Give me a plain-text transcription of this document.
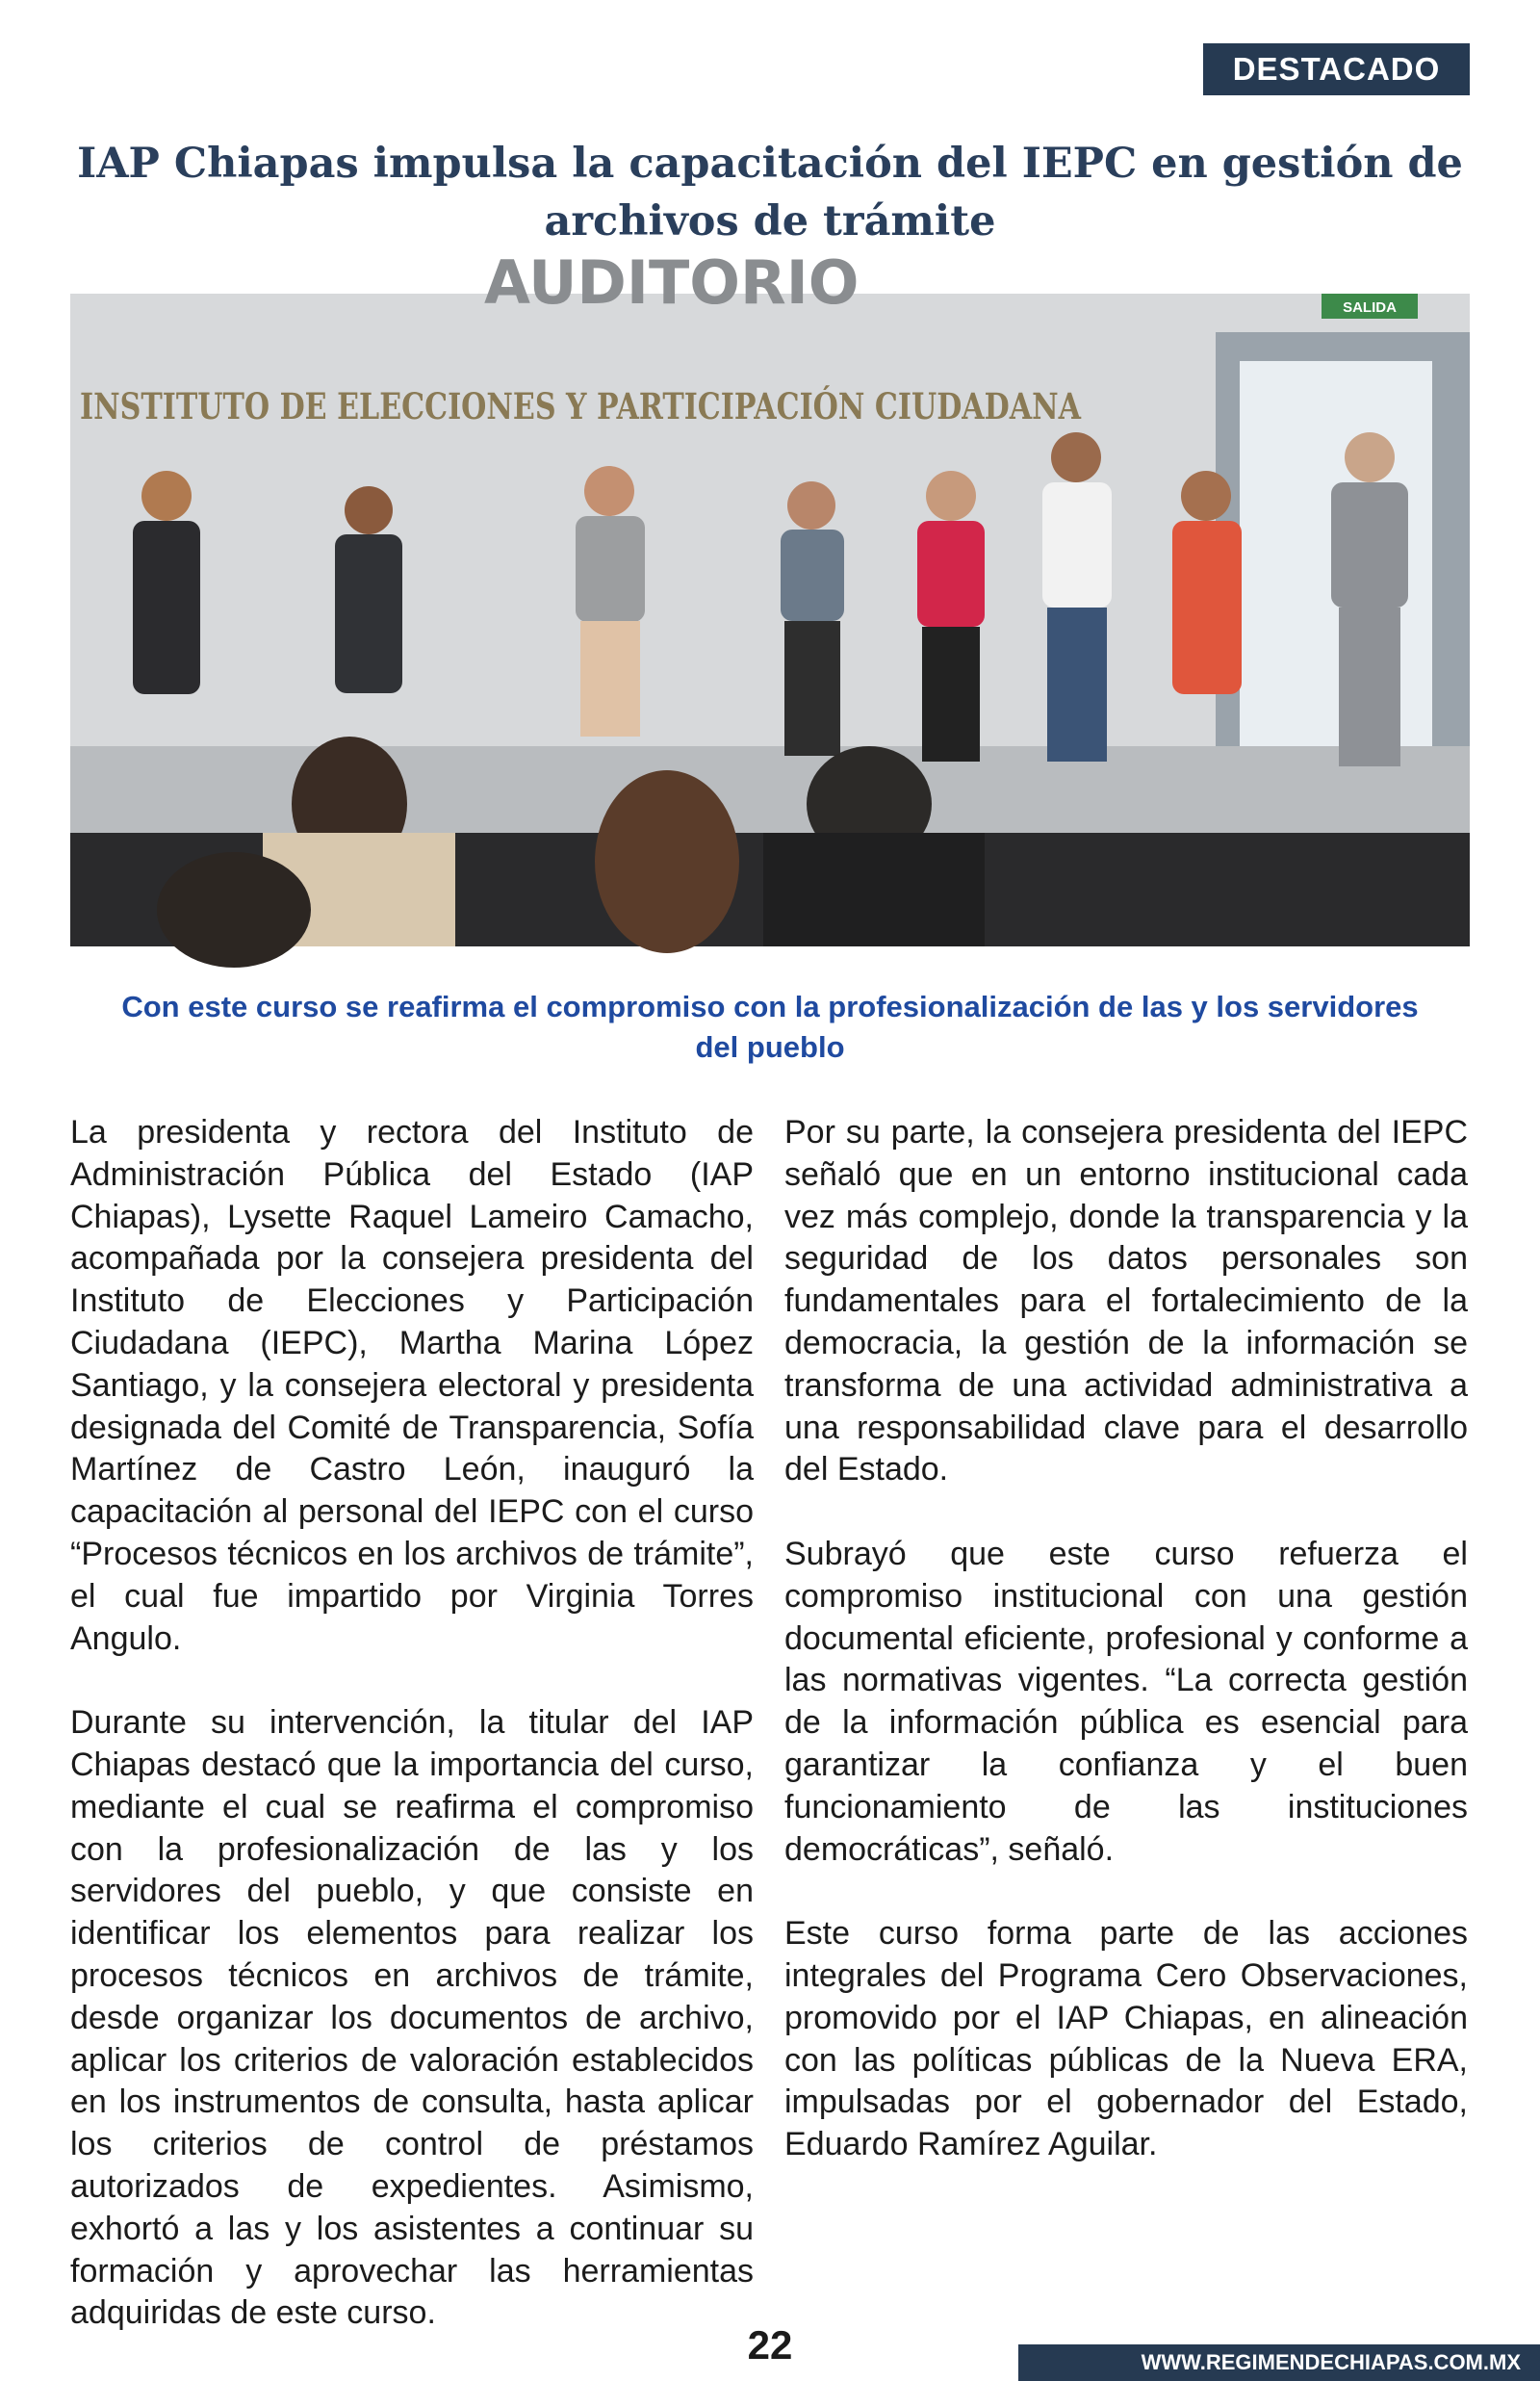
DESTACADO
IAP Chiapas impulsa la capacitación del IEPC en gestión de archivos de trámite
SALIDA
AUDITORIO
INSTITUTO DE ELECCIONES Y PARTICIPACIÓN CIUDADANA

Con este curso se reafirma el compromiso con la profesionalización de las y los servidores del pueblo

La presidenta y rectora del Instituto de Administración Pública del Estado (IAP Chiapas), Lysette Raquel Lameiro Camacho, acompañada por la consejera presidenta del Instituto de Elecciones y Participación Ciudadana (IEPC), Martha Marina López Santiago, y la consejera electoral y presidenta designada del Comité de Transparencia, Sofía Martínez de Castro León, inauguró la capacitación al personal del IEPC con el curso “Procesos técnicos en los archivos de trámite”, el cual fue impartido por Virginia Torres Angulo.

Durante su intervención, la titular del IAP Chiapas destacó que la importancia del curso, mediante el cual se reafirma el compromiso con la profesionalización de las y los servidores del pueblo, y que consiste en identificar los elementos para realizar los procesos técnicos en archivos de trámite, desde organizar los documentos de archivo, aplicar los criterios de valoración establecidos en los instrumentos de consulta, hasta aplicar los criterios de control de préstamos autorizados de expedientes. Asimismo, exhortó a las y los asistentes a continuar su formación y aprovechar las herramientas adquiridas de este curso.

Por su parte, la consejera presidenta del IEPC señaló que en un entorno institucional cada vez más complejo, donde la transparencia y la seguridad de los datos personales son fundamentales para el fortalecimiento de la democracia, la gestión de la información se transforma de una actividad administrativa a una responsabilidad clave para el desarrollo del Estado.

Subrayó que este curso refuerza el compromiso institucional con una gestión documental eficiente, profesional y conforme a las normativas vigentes. “La correcta gestión de la información pública es esencial para garantizar la confianza y el buen funcionamiento de las instituciones democráticas”, señaló.

Este curso forma parte de las acciones integrales del Programa Cero Observaciones, promovido por el IAP Chiapas, en alineación con las políticas públicas de la Nueva ERA, impulsadas por el gobernador del Estado, Eduardo Ramírez Aguilar.

22	WWW.REGIMENDECHIAPAS.COM.MX
